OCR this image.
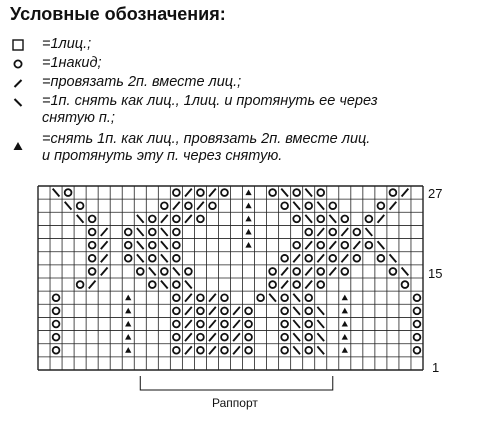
Условные обозначения:
=1лиц.;
=1накид;
=провязать 2п. вместе лиц.;
=1п. снять как лиц., 1лиц. и протянуть ее через
снятую п.;
=снять 1п. как лиц., провязать 2п. вместе лиц.
и протянуть эту п. через снятую.
27
15
1
Раппорт
